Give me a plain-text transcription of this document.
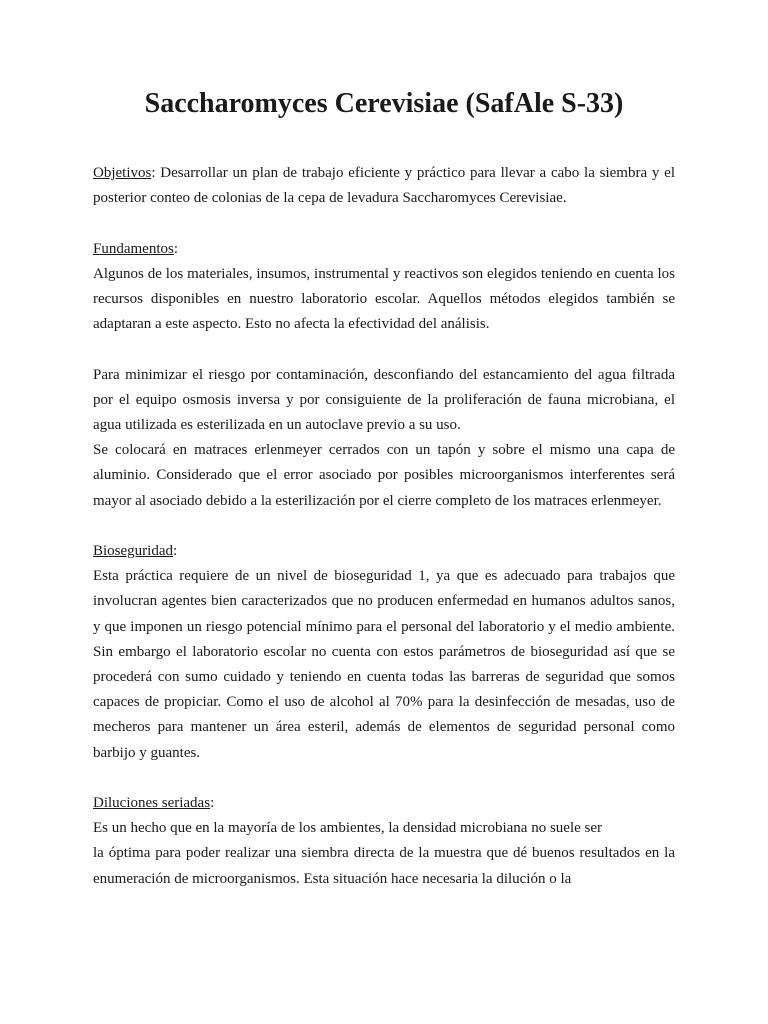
Saccharomyces Cerevisiae (SafAle S-33)

Objetivos: Desarrollar un plan de trabajo eficiente y práctico para llevar a cabo la siembra y el posterior conteo de colonias de la cepa de levadura Saccharomyces Cerevisiae.

Fundamentos:

Algunos de los materiales, insumos, instrumental y reactivos son elegidos teniendo en cuenta los recursos disponibles en nuestro laboratorio escolar. Aquellos métodos elegidos también se adaptaran a este aspecto. Esto no afecta la efectividad del análisis.

Para minimizar el riesgo por contaminación, desconfiando del estancamiento del agua filtrada por el equipo osmosis inversa y por consiguiente de la proliferación de fauna microbiana, el agua utilizada es esterilizada en un autoclave previo a su uso.

Se colocará en matraces erlenmeyer cerrados con un tapón y sobre el mismo una capa de aluminio. Considerado que el error asociado por posibles microorganismos interferentes será mayor al asociado debido a la esterilización por el cierre completo de los matraces erlenmeyer.

Bioseguridad:

Esta práctica requiere de un nivel de bioseguridad 1, ya que es adecuado para trabajos que involucran agentes bien caracterizados que no producen enfermedad en humanos adultos sanos, y que imponen un riesgo potencial mínimo para el personal del laboratorio y el medio ambiente. Sin embargo el laboratorio escolar no cuenta con estos parámetros de bioseguridad así que se procederá con sumo cuidado y teniendo en cuenta todas las barreras de seguridad que somos capaces de propiciar. Como el uso de alcohol al 70% para la desinfección de mesadas, uso de mecheros para mantener un área esteril, además de elementos de seguridad personal como barbijo y guantes.

Diluciones seriadas:

Es un hecho que en la mayoría de los ambientes, la densidad microbiana no suele ser

la óptima para poder realizar una siembra directa de la muestra que dé buenos resultados en la enumeración de microorganismos. Esta situación hace necesaria la dilución o la
